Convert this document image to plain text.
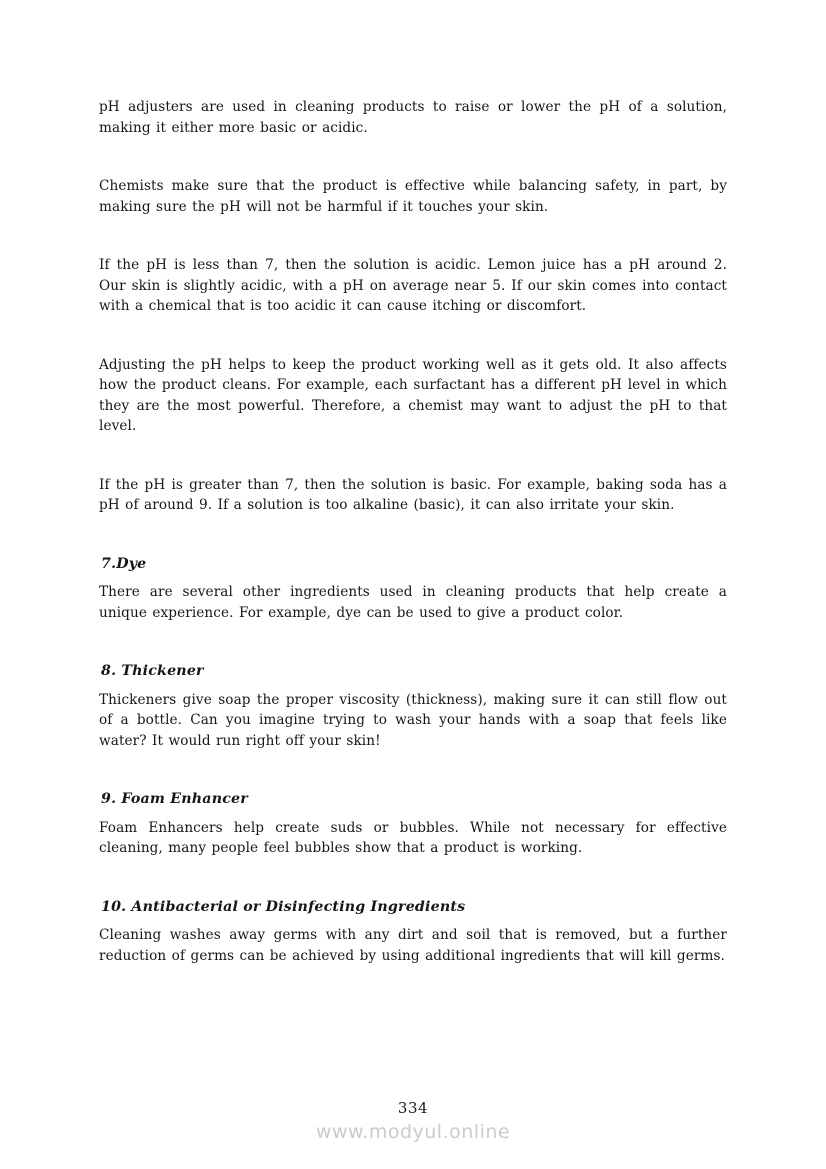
pH adjusters are used in cleaning products to raise or lower the pH of a solution, making it either more basic or acidic.

Chemists make sure that the product is effective while balancing safety, in part, by making sure the pH will not be harmful if it touches your skin.

If the pH is less than 7, then the solution is acidic. Lemon juice has a pH around 2. Our skin is slightly acidic, with a pH on average near 5. If our skin comes into contact with a chemical that is too acidic it can cause itching or discomfort.

Adjusting the pH helps to keep the product working well as it gets old. It also affects how the product cleans. For example, each surfactant has a different pH level in which they are the most powerful. Therefore, a chemist may want to adjust the pH to that level.

If the pH is greater than 7, then the solution is basic. For example, baking soda has a pH of around 9. If a solution is too alkaline (basic), it can also irritate your skin.

7.Dye

There are several other ingredients used in cleaning products that help create a unique experience. For example, dye can be used to give a product color.

8. Thickener

Thickeners give soap the proper viscosity (thickness), making sure it can still flow out of a bottle. Can you imagine trying to wash your hands with a soap that feels like water? It would run right off your skin!

9. Foam Enhancer

Foam Enhancers help create suds or bubbles. While not necessary for effective cleaning, many people feel bubbles show that a product is working.

10. Antibacterial or Disinfecting Ingredients

Cleaning washes away germs with any dirt and soil that is removed, but a further reduction of germs can be achieved by using additional ingredients that will kill germs.

334
www.modyul.online
